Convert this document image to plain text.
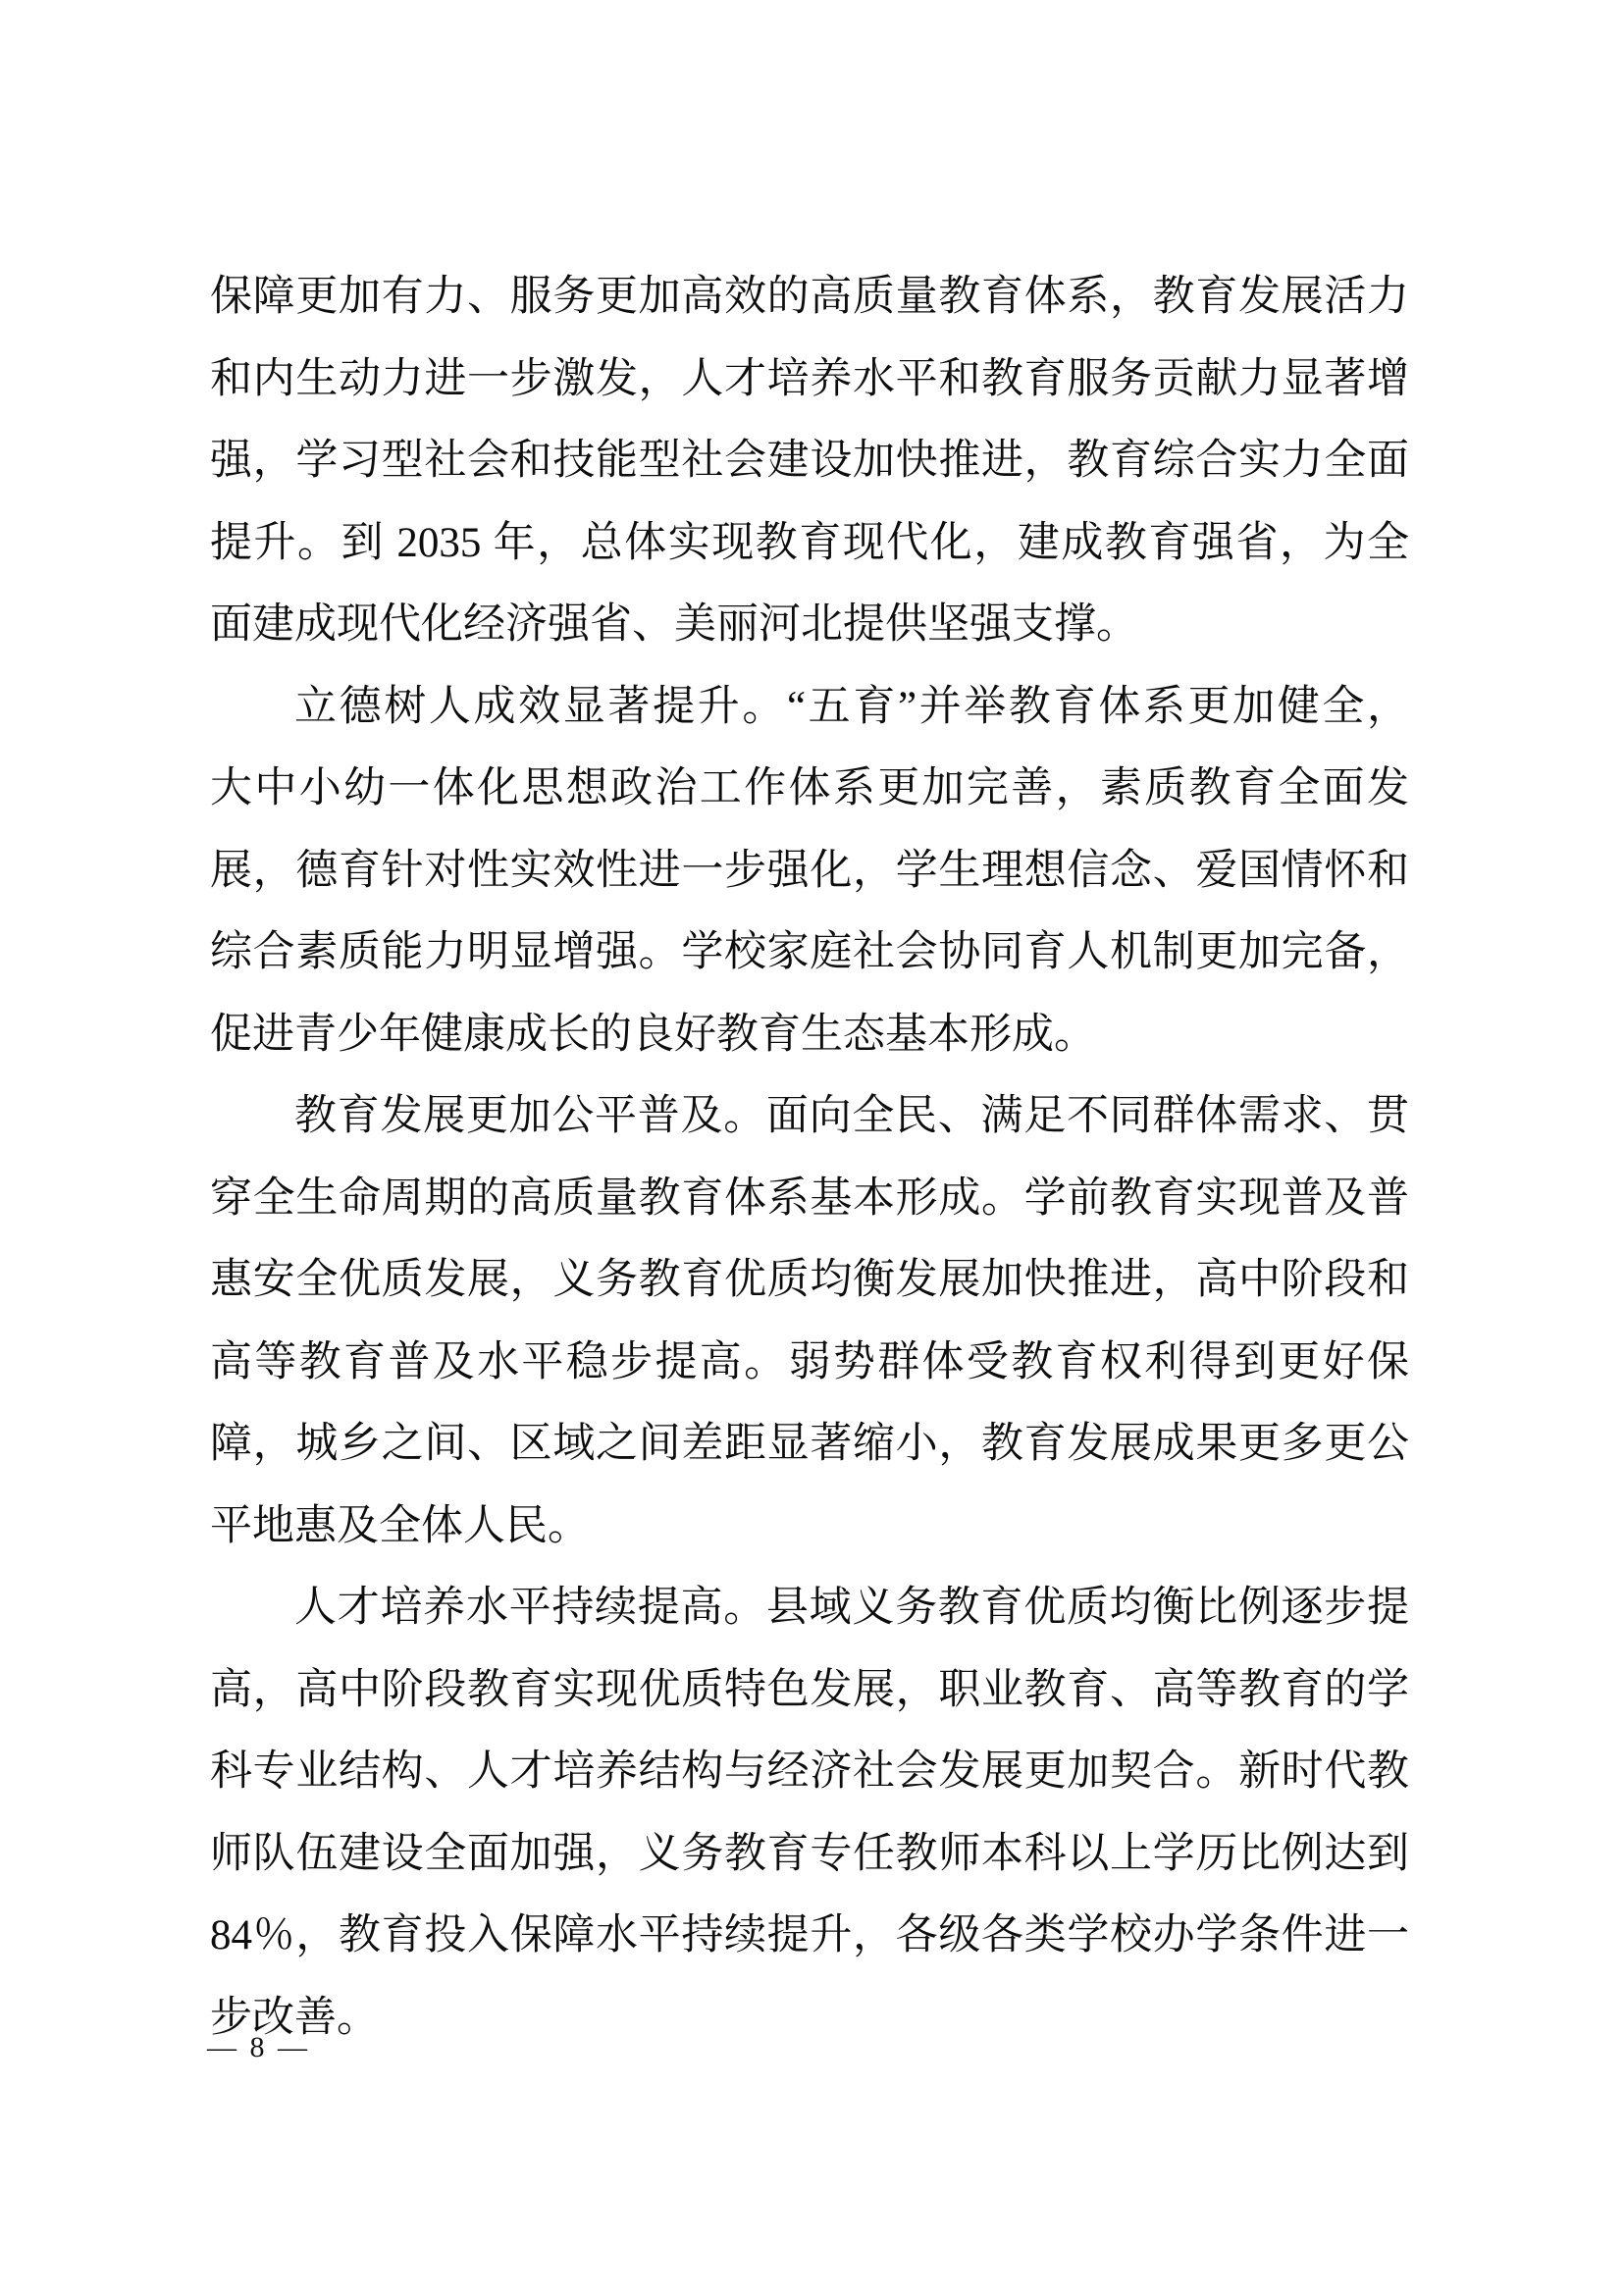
保障更加有力、服务更加高效的高质量教育体系，教育发展活力
和内生动力进一步激发，人才培养水平和教育服务贡献力显著增
强，学习型社会和技能型社会建设加快推进，教育综合实力全面
提升。到 2035 年，总体实现教育现代化，建成教育强省，为全
面建成现代化经济强省、美丽河北提供坚强支撑。
立德树人成效显著提升。“五育”并举教育体系更加健全，
大中小幼一体化思想政治工作体系更加完善，素质教育全面发
展，德育针对性实效性进一步强化，学生理想信念、爱国情怀和
综合素质能力明显增强。学校家庭社会协同育人机制更加完备，
促进青少年健康成长的良好教育生态基本形成。
教育发展更加公平普及。面向全民、满足不同群体需求、贯
穿全生命周期的高质量教育体系基本形成。学前教育实现普及普
惠安全优质发展，义务教育优质均衡发展加快推进，高中阶段和
高等教育普及水平稳步提高。弱势群体受教育权利得到更好保
障，城乡之间、区域之间差距显著缩小，教育发展成果更多更公
平地惠及全体人民。
人才培养水平持续提高。县域义务教育优质均衡比例逐步提
高，高中阶段教育实现优质特色发展，职业教育、高等教育的学
科专业结构、人才培养结构与经济社会发展更加契合。新时代教
师队伍建设全面加强，义务教育专任教师本科以上学历比例达到
84％，教育投入保障水平持续提升，各级各类学校办学条件进一
步改善。
— 8 —
